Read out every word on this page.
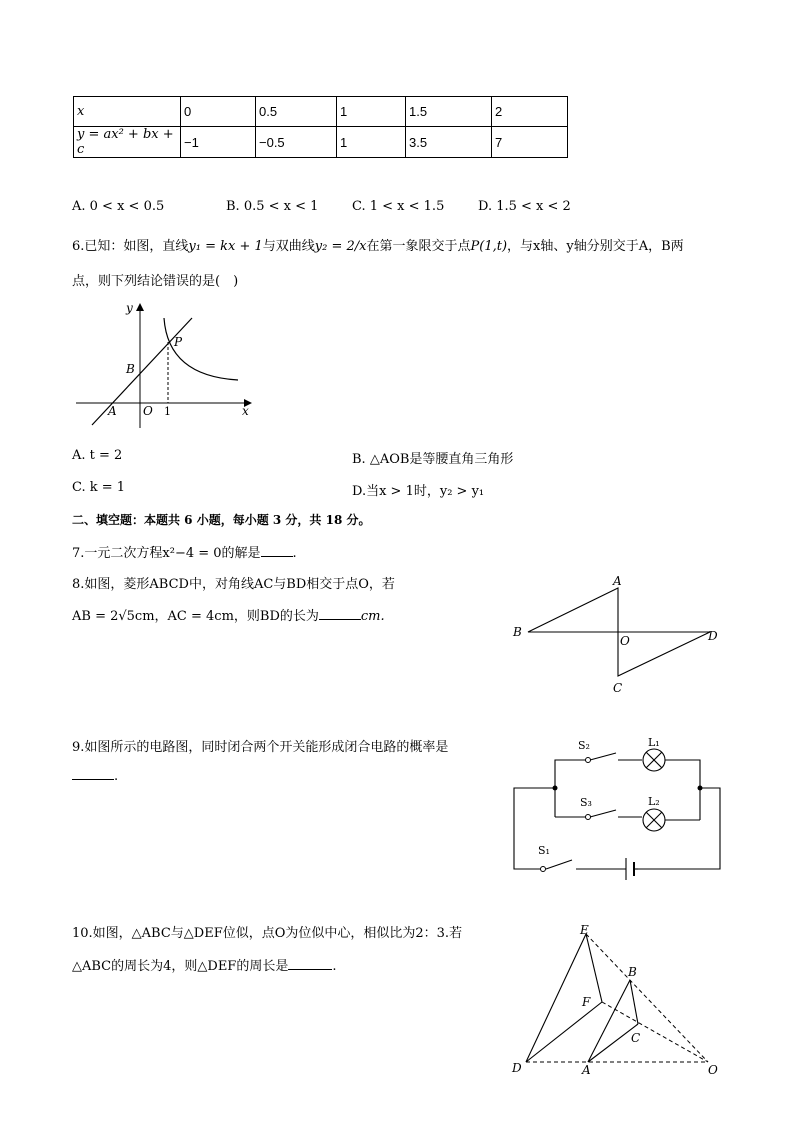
x	0	0.5	1	1.5	2
y = ax² + bx + c	−1	−0.5	1	3.5	7
A. 0 < x < 0.5	B. 0.5 < x < 1	C. 1 < x < 1.5	D. 1.5 < x < 2
6.已知：如图，直线y₁ = kx + 1与双曲线y₂ = 2/x在第一象限交于点P(1,t)，与x轴、y轴分别交于A，B两
点，则下列结论错误的是(　)
y
x
P
B
A O 1
A. t = 2	B. △AOB是等腰直角三角形
C. k = 1	D.当x > 1时，y₂ > y₁
二、填空题：本题共 6 小题，每小题 3 分，共 18 分。
7.一元二次方程x²−4 = 0的解是 .
8.如图，菱形ABCD中，对角线AC与BD相交于点O，若
AB = 2√5cm，AC = 4cm，则BD的长为	cm.
A
B	D
C
O
9.如图所示的电路图，同时闭合两个开关能形成闭合电路的概率是
.
S₂	L₁
S₃	L₂
S₁
10.如图，△ABC与△DEF位似，点O为位似中心，相似比为2：3.若
△ABC的周长为4，则△DEF的周长是	.
E
B
F
C
D	A	O
